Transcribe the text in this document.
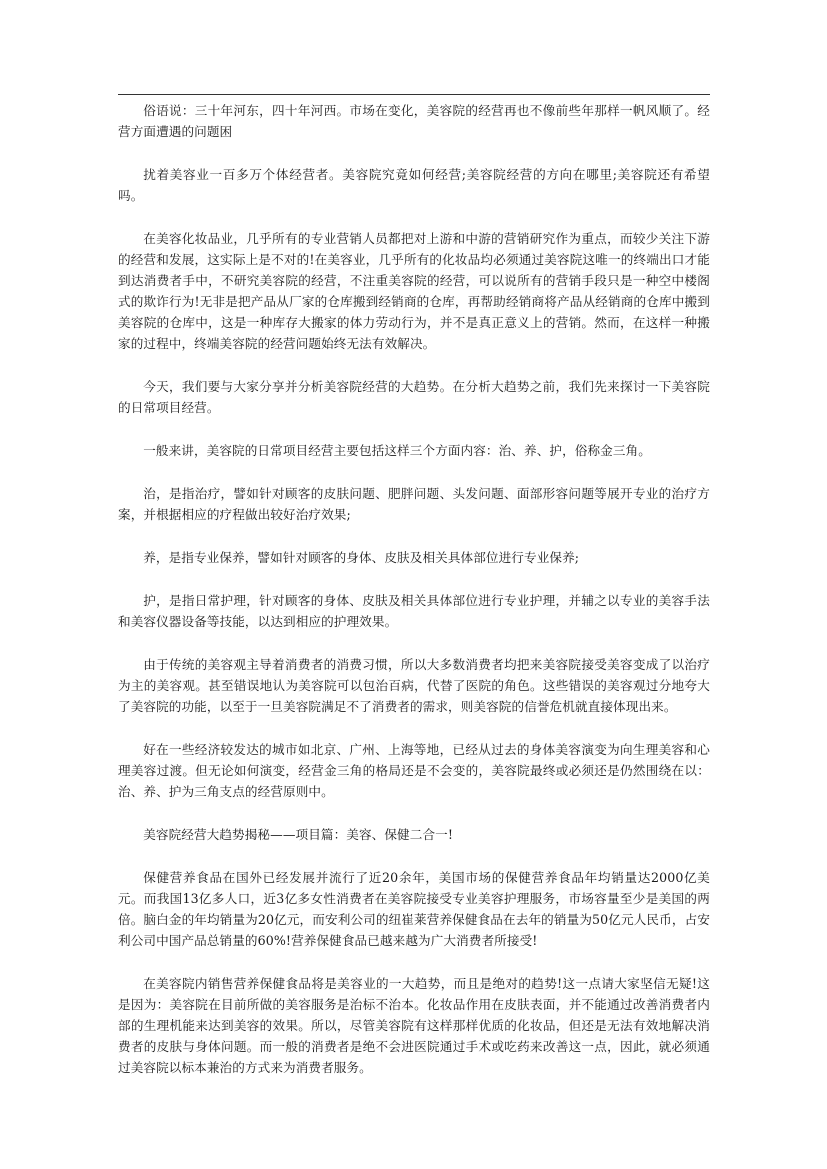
俗语说：三十年河东，四十年河西。市场在变化，美容院的经营再也不像前些年那样一帆风顺了。经营方面遭遇的问题困

扰着美容业一百多万个体经营者。美容院究竟如何经营;美容院经营的方向在哪里;美容院还有希望吗。

在美容化妆品业，几乎所有的专业营销人员都把对上游和中游的营销研究作为重点，而较少关注下游的经营和发展，这实际上是不对的!在美容业，几乎所有的化妆品均必须通过美容院这唯一的终端出口才能到达消费者手中，不研究美容院的经营，不注重美容院的经营，可以说所有的营销手段只是一种空中楼阁式的欺诈行为!无非是把产品从厂家的仓库搬到经销商的仓库，再帮助经销商将产品从经销商的仓库中搬到美容院的仓库中，这是一种库存大搬家的体力劳动行为，并不是真正意义上的营销。然而，在这样一种搬家的过程中，终端美容院的经营问题始终无法有效解决。

今天，我们要与大家分享并分析美容院经营的大趋势。在分析大趋势之前，我们先来探讨一下美容院的日常项目经营。

一般来讲，美容院的日常项目经营主要包括这样三个方面内容：治、养、护，俗称金三角。

治，是指治疗，譬如针对顾客的皮肤问题、肥胖问题、头发问题、面部形容问题等展开专业的治疗方案，并根据相应的疗程做出较好治疗效果;

养，是指专业保养，譬如针对顾客的身体、皮肤及相关具体部位进行专业保养;

护，是指日常护理，针对顾客的身体、皮肤及相关具体部位进行专业护理，并辅之以专业的美容手法和美容仪器设备等技能，以达到相应的护理效果。

由于传统的美容观主导着消费者的消费习惯，所以大多数消费者均把来美容院接受美容变成了以治疗为主的美容观。甚至错误地认为美容院可以包治百病，代替了医院的角色。这些错误的美容观过分地夸大了美容院的功能，以至于一旦美容院满足不了消费者的需求，则美容院的信誉危机就直接体现出来。

好在一些经济较发达的城市如北京、广州、上海等地，已经从过去的身体美容演变为向生理美容和心理美容过渡。但无论如何演变，经营金三角的格局还是不会变的，美容院最终或必须还是仍然围绕在以：治、养、护为三角支点的经营原则中。

美容院经营大趋势揭秘——项目篇：美容、保健二合一!

保健营养食品在国外已经发展并流行了近20余年，美国市场的保健营养食品年均销量达2000亿美元。而我国13亿多人口，近3亿多女性消费者在美容院接受专业美容护理服务，市场容量至少是美国的两倍。脑白金的年均销量为20亿元，而安利公司的纽崔莱营养保健食品在去年的销量为50亿元人民币，占安利公司中国产品总销量的60%!营养保健食品已越来越为广大消费者所接受!

在美容院内销售营养保健食品将是美容业的一大趋势，而且是绝对的趋势!这一点请大家坚信无疑!这是因为：美容院在目前所做的美容服务是治标不治本。化妆品作用在皮肤表面，并不能通过改善消费者内部的生理机能来达到美容的效果。所以，尽管美容院有这样那样优质的化妆品，但还是无法有效地解决消费者的皮肤与身体问题。而一般的消费者是绝不会进医院通过手术或吃药来改善这一点，因此，就必须通过美容院以标本兼治的方式来为消费者服务。
